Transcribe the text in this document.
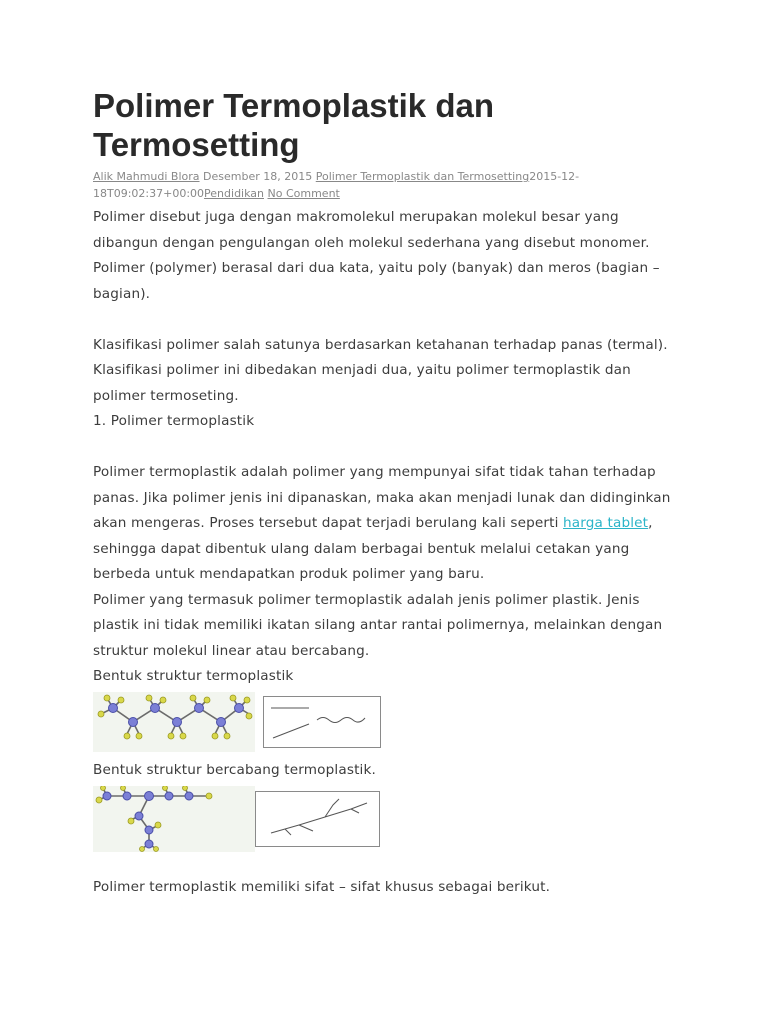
Polimer Termoplastik dan Termosetting
Alik Mahmudi Blora Desember 18, 2015 Polimer Termoplastik dan Termosetting2015-12-18T09:02:37+00:00Pendidikan No Comment

Polimer disebut juga dengan makromolekul merupakan molekul besar yang dibangun dengan pengulangan oleh molekul sederhana yang disebut monomer. Polimer (polymer) berasal dari dua kata, yaitu poly (banyak) dan meros (bagian – bagian).

Klasifikasi polimer salah satunya berdasarkan ketahanan terhadap panas (termal). Klasifikasi polimer ini dibedakan menjadi dua, yaitu polimer termoplastik dan polimer termoseting.

1. Polimer termoplastik

Polimer termoplastik adalah polimer yang mempunyai sifat tidak tahan terhadap panas. Jika polimer jenis ini dipanaskan, maka akan menjadi lunak dan didinginkan akan mengeras. Proses tersebut dapat terjadi berulang kali seperti harga tablet, sehingga dapat dibentuk ulang dalam berbagai bentuk melalui cetakan yang berbeda untuk mendapatkan produk polimer yang baru.

Polimer yang termasuk polimer termoplastik adalah jenis polimer plastik. Jenis plastik ini tidak memiliki ikatan silang antar rantai polimernya, melainkan dengan struktur molekul linear atau bercabang.

Bentuk struktur termoplastik

Bentuk struktur bercabang termoplastik.

Polimer termoplastik memiliki sifat – sifat khusus sebagai berikut.
